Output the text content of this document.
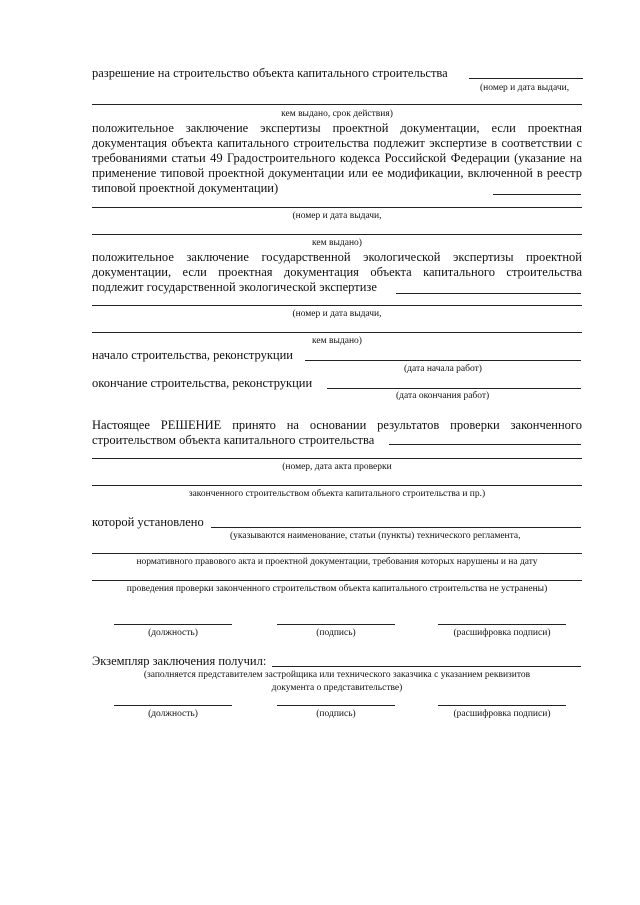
разрешение на строительство объекта капитального строительства
(номер и дата выдачи,
кем выдано, срок действия)
положительное заключение экспертизы проектной документации, если проектная документация объекта капитального строительства подлежит экспертизе в соответствии с требованиями статьи 49 Градостроительного кодекса Российской Федерации (указание на применение типовой проектной документации или ее модификации, включенной в реестр типовой проектной документации)
(номер и дата выдачи,
кем выдано)
положительное заключение государственной экологической экспертизы проектной документации, если проектная документация объекта капитального строительства подлежит государственной экологической экспертизе
(номер и дата выдачи,
кем выдано)
начало строительства, реконструкции
(дата начала работ)
окончание строительства, реконструкции
(дата окончания работ)
Настоящее РЕШЕНИЕ принято на основании результатов проверки законченного строительством объекта капитального строительства
(номер, дата акта проверки
законченного строительством объекта капитального строительства и пр.)
которой установлено
(указываются наименование, статьи (пункты) технического регламента,
нормативного правового акта и проектной документации, требования которых нарушены и на дату
проведения проверки законченного строительством объекта капитального строительства не устранены)
(должность)	(подпись)	(расшифровка подписи)
Экземпляр заключения получил:
(заполняется представителем застройщика или технического заказчика с указанием реквизитов
документа о представительстве)
(должность)	(подпись)	(расшифровка подписи)
